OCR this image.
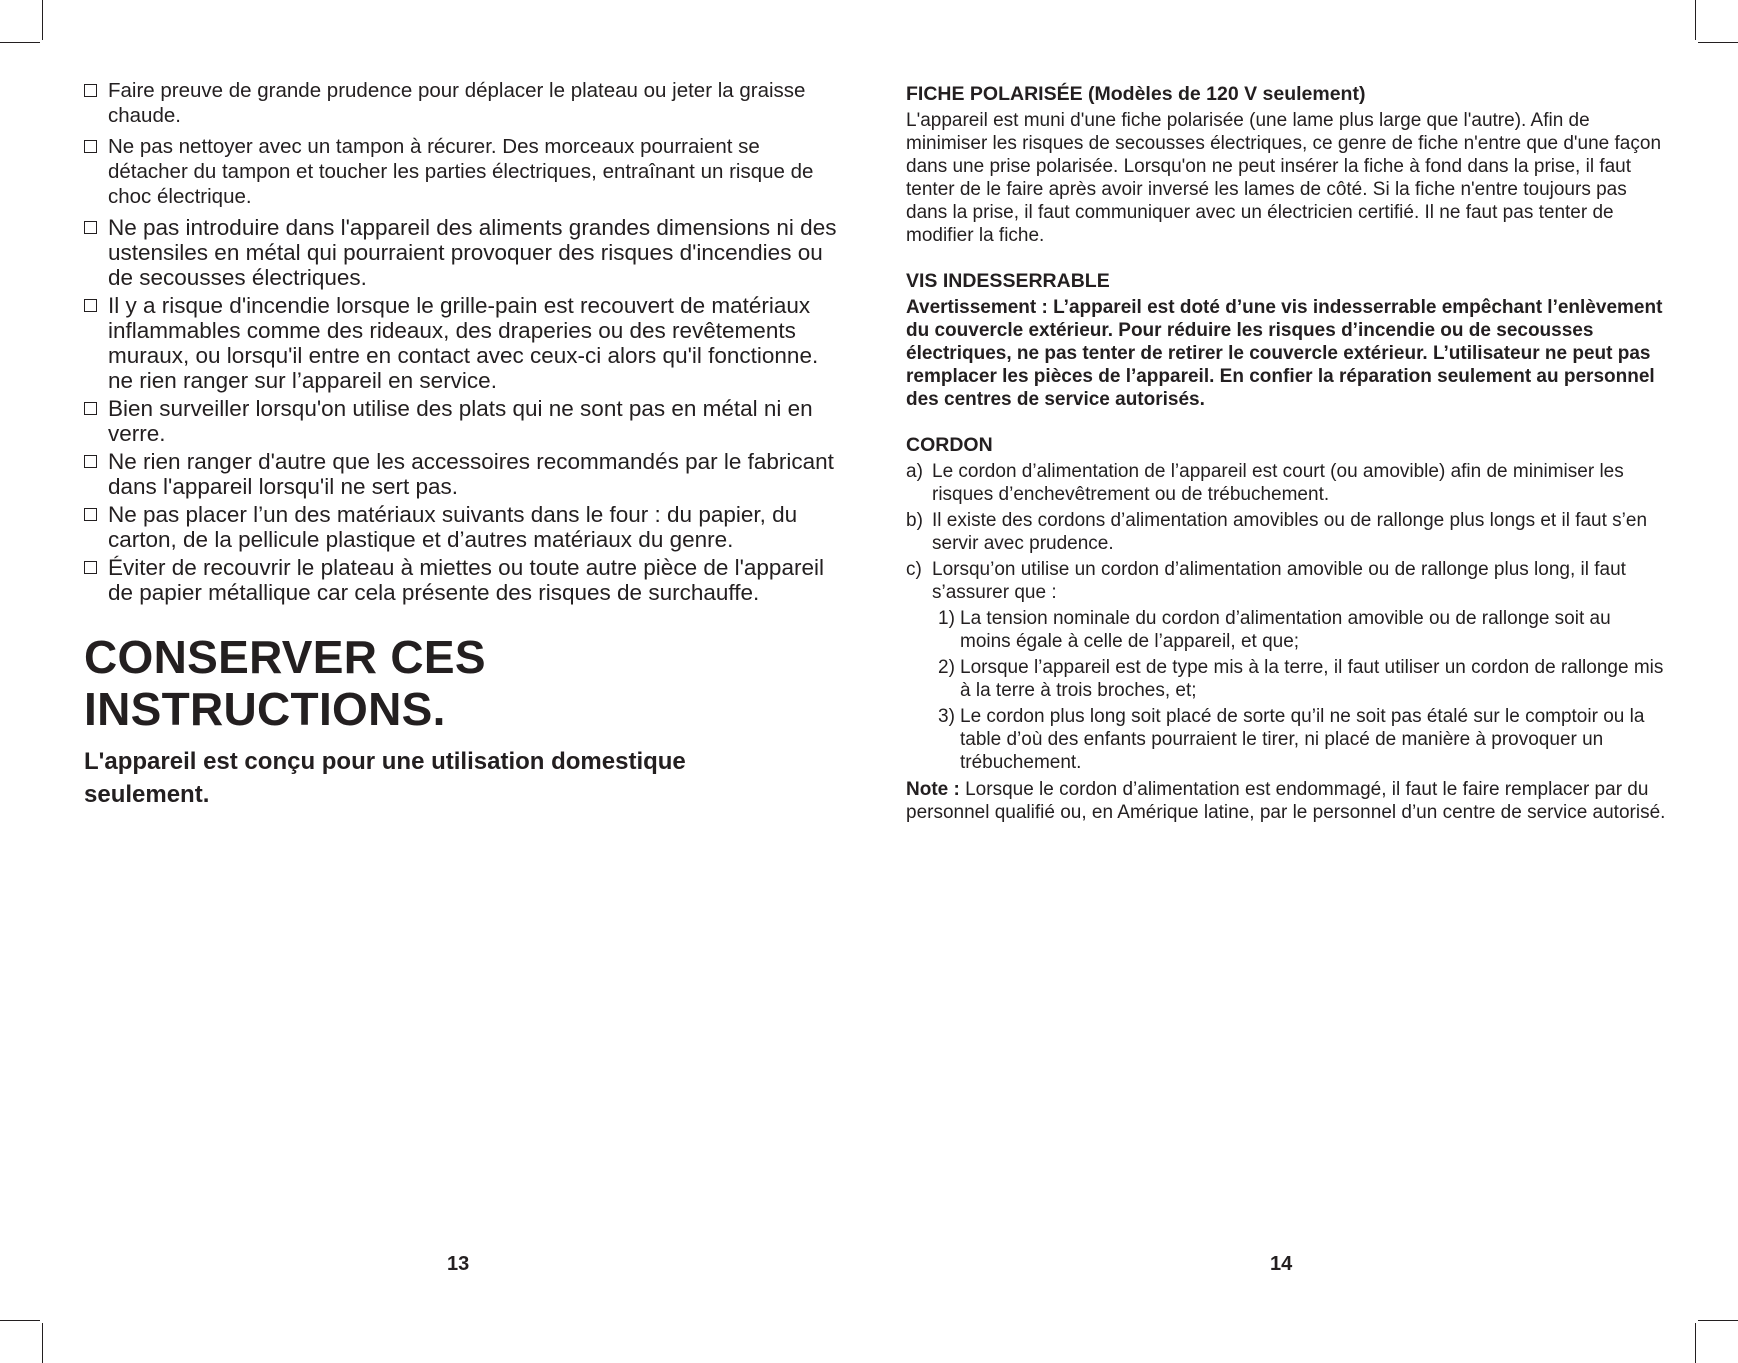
Faire preuve de grande prudence pour déplacer le plateau ou jeter la graisse chaude.
Ne pas nettoyer avec un tampon à récurer. Des morceaux pourraient se détacher du tampon et toucher les parties électriques, entraînant un risque de choc électrique.
Ne pas introduire dans l'appareil des aliments grandes dimensions ni des ustensiles en métal qui pourraient provoquer des risques d'incendies ou de secousses électriques.
Il y a risque d'incendie lorsque le grille-pain est recouvert de matériaux inflammables comme des rideaux, des draperies ou des revêtements muraux, ou lorsqu'il entre en contact avec ceux-ci alors qu'il fonctionne. ne rien ranger sur l’appareil en service.
Bien surveiller lorsqu'on utilise des plats qui ne sont pas en métal ni en verre.
Ne rien ranger d'autre que les accessoires recommandés par le fabricant dans l'appareil lorsqu'il ne sert pas.
Ne pas placer l’un des matériaux suivants dans le four : du papier, du carton, de la pellicule plastique et d’autres matériaux du genre.
Éviter de recouvrir le plateau à miettes ou toute autre pièce de l'appareil de papier métallique car cela présente des risques de surchauffe.
CONSERVER CES
INSTRUCTIONS.
L'appareil est conçu pour une utilisation domestique seulement.
13
FICHE POLARISÉE (Modèles de 120 V seulement)
L'appareil est muni d'une fiche polarisée (une lame plus large que l'autre). Afin de minimiser les risques de secousses électriques, ce genre de fiche n'entre que d'une façon dans une prise polarisée. Lorsqu'on ne peut insérer la fiche à fond dans la prise, il faut tenter de le faire après avoir inversé les lames de côté. Si la fiche n'entre toujours pas dans la prise, il faut communiquer avec un électricien certifié. Il ne faut pas tenter de modifier la fiche.
VIS INDESSERRABLE
Avertissement : L’appareil est doté d’une vis indesserrable empêchant l’enlèvement du couvercle extérieur. Pour réduire les risques d’incendie ou de secousses électriques, ne pas tenter de retirer le couvercle extérieur. L’utilisateur ne peut pas remplacer les pièces de l’appareil. En confier la réparation seulement au personnel des centres de service autorisés.
CORDON
a) Le cordon d’alimentation de l’appareil est court (ou amovible) afin de minimiser les risques d’enchevêtrement ou de trébuchement.
b) Il existe des cordons d’alimentation amovibles ou de rallonge plus longs et il faut s’en servir avec prudence.
c) Lorsqu’on utilise un cordon d’alimentation amovible ou de rallonge plus long, il faut s’assurer que :
1) La tension nominale du cordon d’alimentation amovible ou de rallonge soit au moins égale à celle de l’appareil, et que;
2) Lorsque l’appareil est de type mis à la terre, il faut utiliser un cordon de rallonge mis à la terre à trois broches, et;
3) Le cordon plus long soit placé de sorte qu’il ne soit pas étalé sur le comptoir ou la table d’où des enfants pourraient le tirer, ni placé de manière à provoquer un trébuchement.
Note : Lorsque le cordon d’alimentation est endommagé, il faut le faire remplacer par du personnel qualifié ou, en Amérique latine, par le personnel d’un centre de service autorisé.
14
